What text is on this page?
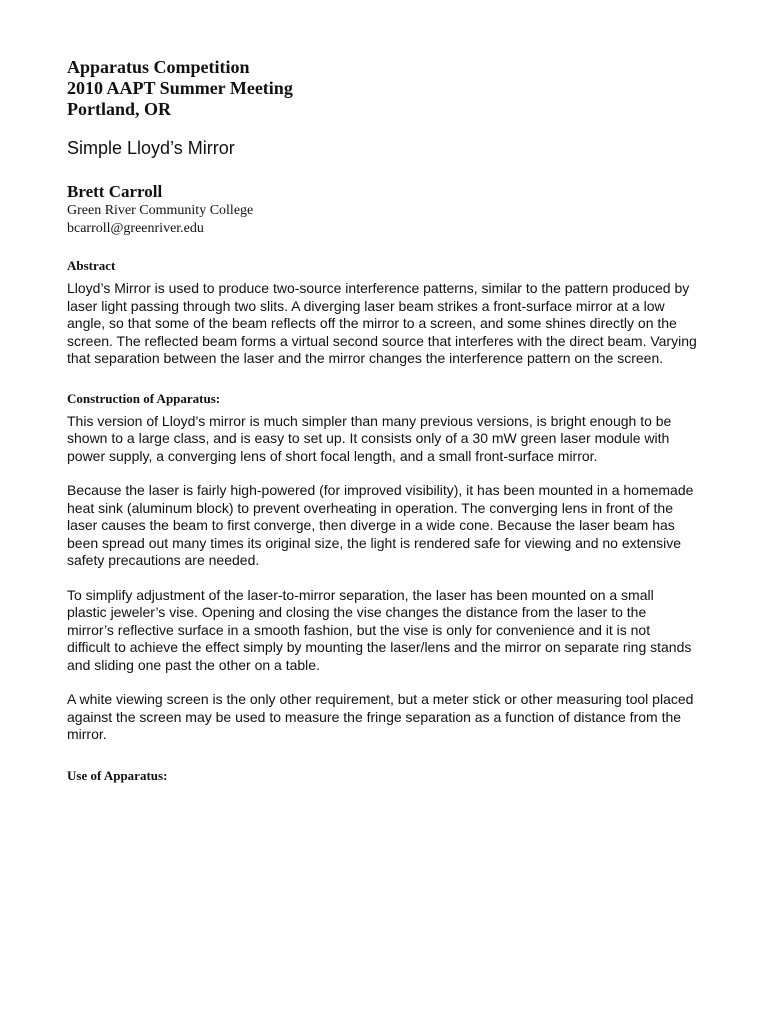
Apparatus Competition

2010 AAPT Summer Meeting

Portland, OR

Simple Lloyd’s Mirror

Brett Carroll

Green River Community College

bcarroll@greenriver.edu

Abstract

Lloyd’s Mirror is used to produce two-source interference patterns, similar to the pattern produced by laser light passing through two slits. A diverging laser beam strikes a front-surface mirror at a low angle, so that some of the beam reflects off the mirror to a screen, and some shines directly on the screen. The reflected beam forms a virtual second source that interferes with the direct beam. Varying that separation between the laser and the mirror changes the interference pattern on the screen.

Construction of Apparatus:

This version of Lloyd’s mirror is much simpler than many previous versions, is bright enough to be shown to a large class, and is easy to set up. It consists only of a 30 mW green laser module with power supply, a converging lens of short focal length, and a small front-surface mirror.

Because the laser is fairly high-powered (for improved visibility), it has been mounted in a homemade heat sink (aluminum block) to prevent overheating in operation. The converging lens in front of the laser causes the beam to first converge, then diverge in a wide cone. Because the laser beam has been spread out many times its original size, the light is rendered safe for viewing and no extensive safety precautions are needed.

To simplify adjustment of the laser-to-mirror separation, the laser has been mounted on a small plastic jeweler’s vise. Opening and closing the vise changes the distance from the laser to the mirror’s reflective surface in a smooth fashion, but the vise is only for convenience and it is not difficult to achieve the effect simply by mounting the laser/lens and the mirror on separate ring stands and sliding one past the other on a table.

A white viewing screen is the only other requirement, but a meter stick or other measuring tool placed against the screen may be used to measure the fringe separation as a function of distance from the mirror.

Use of Apparatus:
